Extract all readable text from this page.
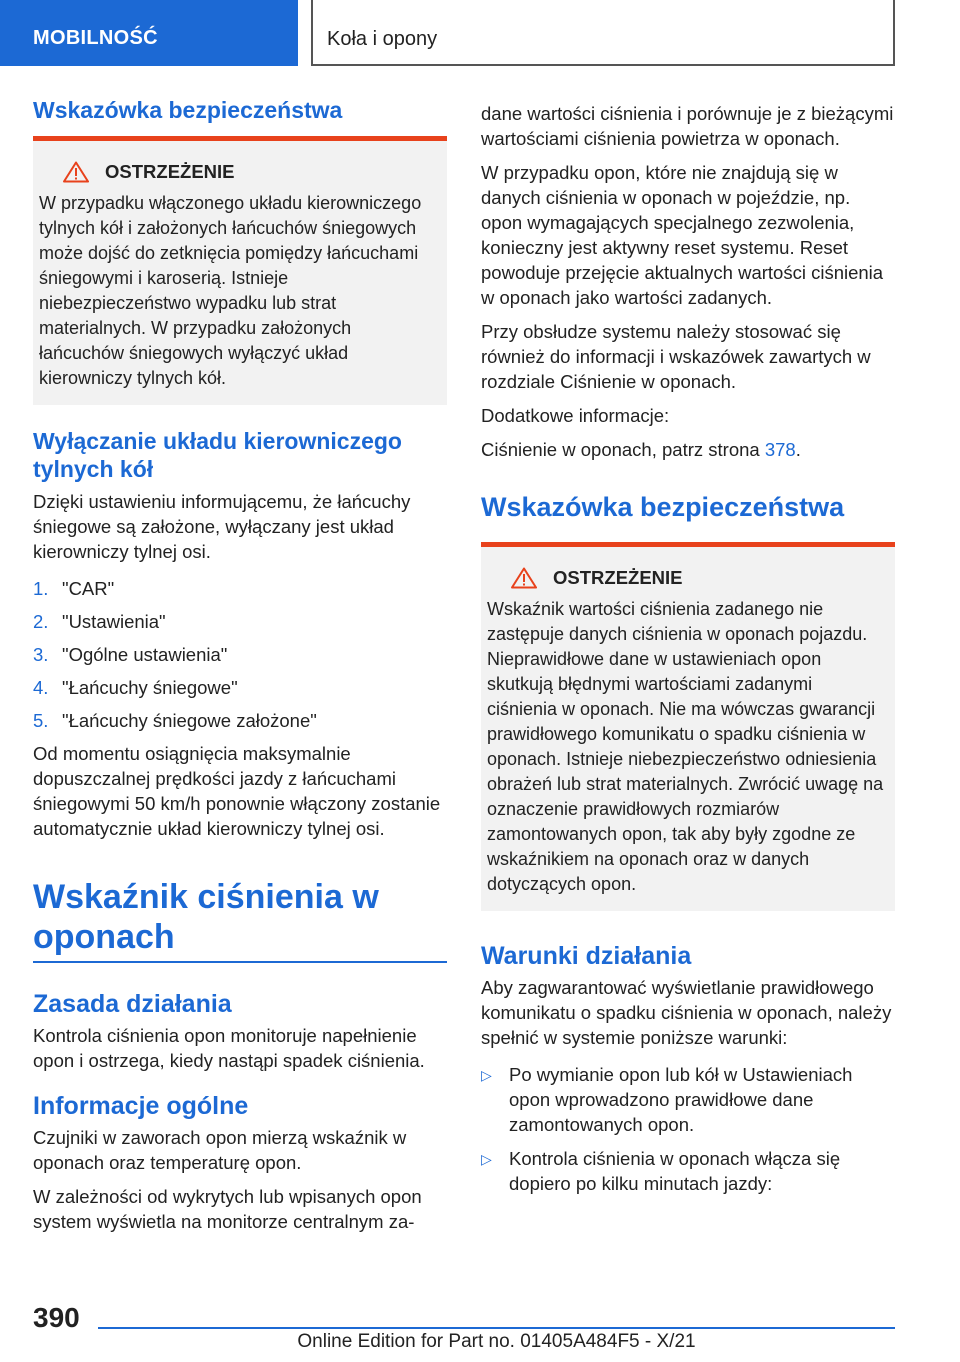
MOBILNOŚĆ	Koła i opony
Wskazówka bezpieczeństwa
OSTRZEŻENIE

W przypadku włączonego układu kierowniczego tylnych kół i założonych łańcuchów śniegowych może dojść do zetknięcia pomiędzy łańcuchami śniegowymi i karoserią. Istnieje niebezpieczeństwo wypadku lub strat materialnych. W przypadku założonych łańcuchów śniegowych wyłączyć układ kierowniczy tylnych kół.

Wyłączanie układu kierowniczego tylnych kół

Dzięki ustawieniu informującemu, że łańcuchy śniegowe są założone, wyłączany jest układ kierowniczy tylnej osi.

1. "CAR"
2. "Ustawienia"
3. "Ogólne ustawienia"
4. "Łańcuchy śniegowe"
5. "Łańcuchy śniegowe założone"

Od momentu osiągnięcia maksymalnie dopuszczalnej prędkości jazdy z łańcuchami śniegowymi 50 km/h ponownie włączony zostanie automatycznie układ kierowniczy tylnej osi.

Wskaźnik ciśnienia w oponach
Zasada działania

Kontrola ciśnienia opon monitoruje napełnienie opon i ostrzega, kiedy nastąpi spadek ciśnienia.

Informacje ogólne

Czujniki w zaworach opon mierzą wskaźnik w oponach oraz temperaturę opon.

W zależności od wykrytych lub wpisanych opon system wyświetla na monitorze centralnym za-

dane wartości ciśnienia i porównuje je z bieżącymi wartościami ciśnienia powietrza w oponach.

W przypadku opon, które nie znajdują się w danych ciśnienia w oponach w pojeździe, np. opon wymagających specjalnego zezwolenia, konieczny jest aktywny reset systemu. Reset powoduje przejęcie aktualnych wartości ciśnienia w oponach jako wartości zadanych.

Przy obsłudze systemu należy stosować się również do informacji i wskazówek zawartych w rozdziale Ciśnienie w oponach.

Dodatkowe informacje:

Ciśnienie w oponach, patrz strona 378.

Wskazówka bezpieczeństwa
OSTRZEŻENIE

Wskaźnik wartości ciśnienia zadanego nie zastępuje danych ciśnienia w oponach pojazdu. Nieprawidłowe dane w ustawieniach opon skutkują błędnymi wartościami zadanymi ciśnienia w oponach. Nie ma wówczas gwarancji prawidłowego komunikatu o spadku ciśnienia w oponach. Istnieje niebezpieczeństwo odniesienia obrażeń lub strat materialnych. Zwrócić uwagę na oznaczenie prawidłowych rozmiarów zamontowanych opon, tak aby były zgodne ze wskaźnikiem na oponach oraz w danych dotyczących opon.

Warunki działania

Aby zagwarantować wyświetlanie prawidłowego komunikatu o spadku ciśnienia w oponach, należy spełnić w systemie poniższe warunki:

▷ Po wymianie opon lub kół w Ustawieniach opon wprowadzono prawidłowe dane zamontowanych opon.
▷ Kontrola ciśnienia w oponach włącza się dopiero po kilku minutach jazdy:
390
Online Edition for Part no. 01405A484F5 - X/21
